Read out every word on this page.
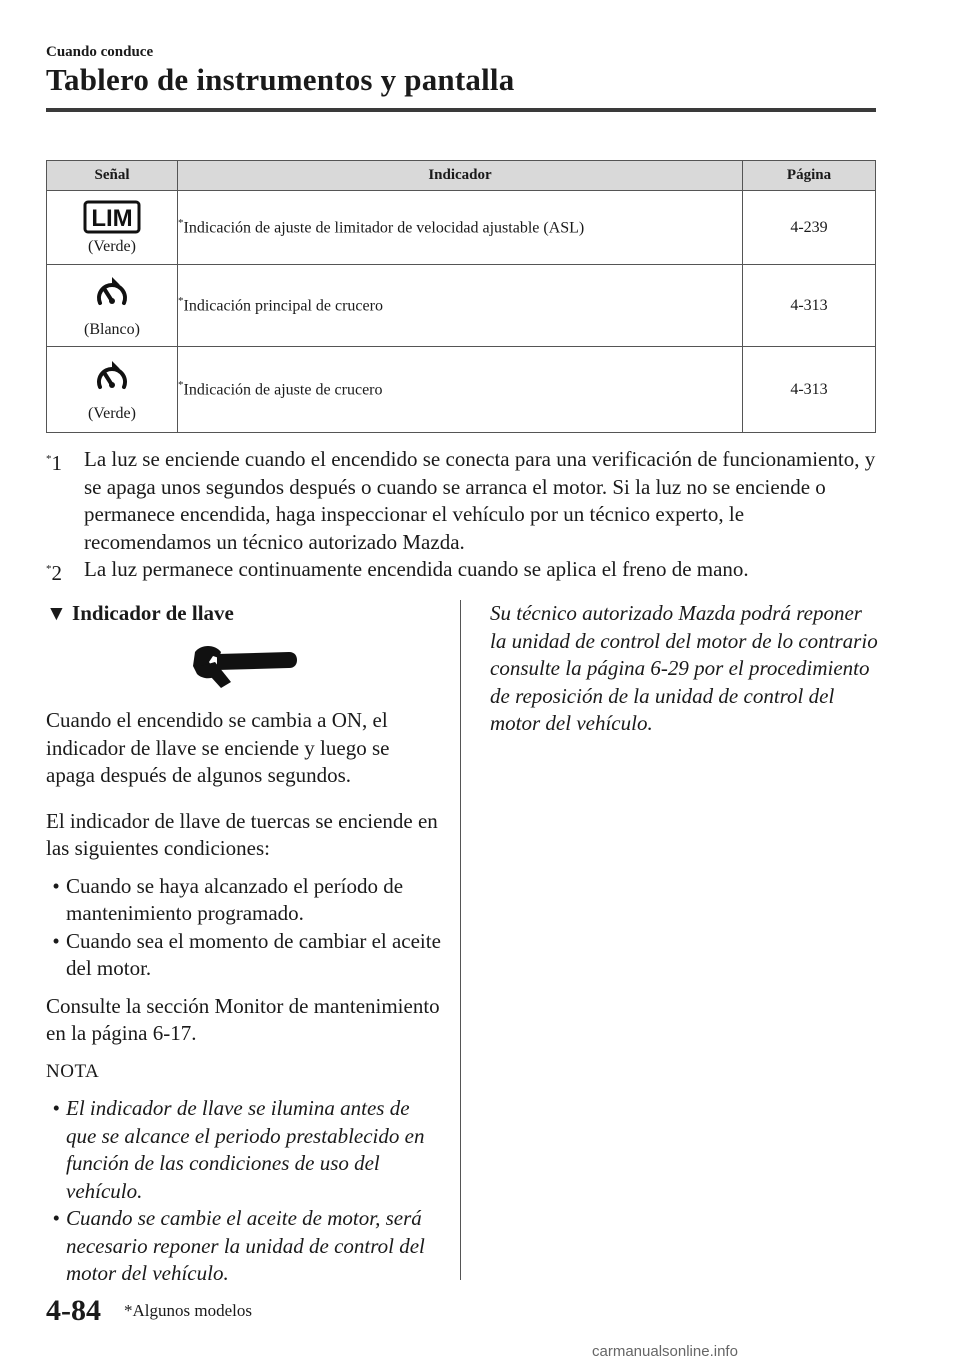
Cuando conduce
Tablero de instrumentos y pantalla
Señal	Indicador	Página

LIM
(Verde)	*Indicación de ajuste de limitador de velocidad ajustable (ASL)	4-239

(Blanco)	*Indicación principal de crucero	4-313

(Verde)	*Indicación de ajuste de crucero	4-313
*1	La luz se enciende cuando el encendido se conecta para una verificación de funcionamiento, y se apaga unos segundos después o cuando se arranca el motor. Si la luz no se enciende o permanece encendida, haga inspeccionar el vehículo por un técnico experto, le recomendamos un técnico autorizado Mazda.
*2	La luz permanece continuamente encendida cuando se aplica el freno de mano.
▼ Indicador de llave

Cuando el encendido se cambia a ON, el indicador de llave se enciende y luego se apaga después de algunos segundos.

El indicador de llave de tuercas se enciende en las siguientes condiciones:

• Cuando se haya alcanzado el período de mantenimiento programado.
• Cuando sea el momento de cambiar el aceite del motor.

Consulte la sección Monitor de mantenimiento en la página 6-17.

NOTA

• El indicador de llave se ilumina antes de que se alcance el periodo prestablecido en función de las condiciones de uso del vehículo.
• Cuando se cambie el aceite de motor, será necesario reponer la unidad de control del motor del vehículo.

Su técnico autorizado Mazda podrá reponer la unidad de control del motor de lo contrario consulte la página 6-29 por el procedimiento de reposición de la unidad de control del motor del vehículo.

4-84 *Algunos modelos
carmanualsonline.info
